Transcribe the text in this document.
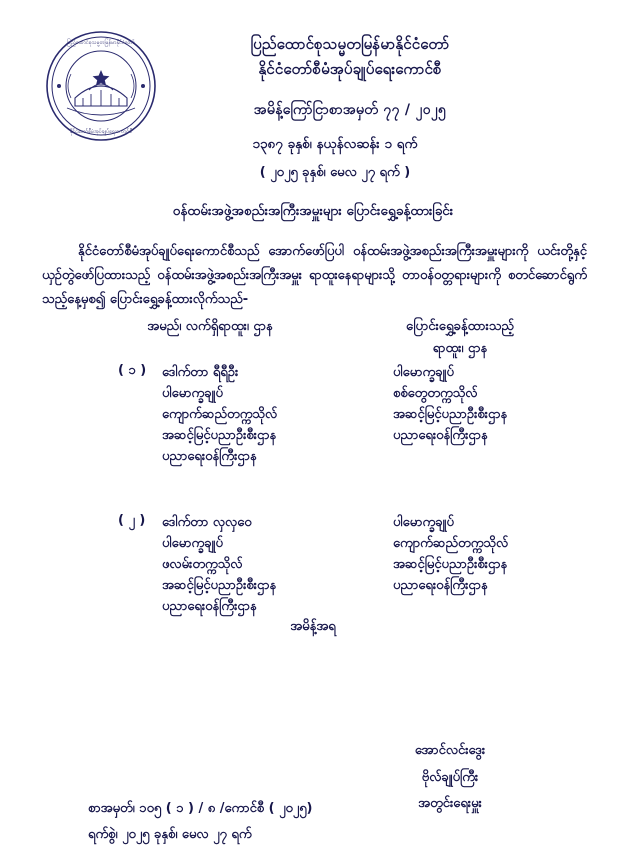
ပြည်ထောင်စုသမ္မတမြန်မာနိုင်ငံတော်
နိုင်ငံတော်စီမံအုပ်ချုပ်ရေးကောင်စီ
ပြည်ထောင်စုသမ္မတမြန်မာနိုင်ငံတော်
နိုင်ငံတော်စီမံအုပ်ချုပ်ရေးကောင်စီ
အမိန့်ကြော်ငြာစာအမှတ် ၇၇ / ၂၀၂၅
၁၃၈၇ ခုနှစ်၊ နယုန်လဆန်း ၁ ရက်
( ၂၀၂၅ ခုနှစ်၊ မေလ ၂၇ ရက် )
ဝန်ထမ်းအဖွဲ့အစည်းအကြီးအမှူးများ ပြောင်းရွှေ့ခန့်ထားခြင်း
နိုင်ငံတော်စီမံအုပ်ချုပ်ရေးကောင်စီသည် အောက်ဖော်ပြပါ ဝန်ထမ်းအဖွဲ့အစည်းအကြီးအမှူးများကို ယင်းတို့နှင့်ယှဉ်တွဲဖော်ပြထားသည့် ဝန်ထမ်းအဖွဲ့အစည်းအကြီးအမှူး ရာထူးနေရာများသို့ တာဝန်ဝတ္တရားများကို စတင်ဆောင်ရွက်သည့်နေ့မှစ၍ ပြောင်းရွှေ့ခန့်ထားလိုက်သည်-
အမည်၊ လက်ရှိရာထူး၊ ဌာန	ပြောင်းရွှေ့ခန့်ထားသည့်
ရာထူး၊ ဌာန
( ၁ ) ဒေါက်တာ ရီရီဦး
ပါမောက္ခချုပ်
ကျောက်ဆည်တက္ကသိုလ်
အဆင့်မြင့်ပညာဦးစီးဌာန
ပညာရေးဝန်ကြီးဌာန
ပါမောက္ခချုပ်
စစ်တွေတက္ကသိုလ်
အဆင့်မြင့်ပညာဦးစီးဌာန
ပညာရေးဝန်ကြီးဌာန
( ၂ ) ဒေါက်တာ လှလှဝေ
ပါမောက္ခချုပ်
ဖလမ်းတက္ကသိုလ်
အဆင့်မြင့်ပညာဦးစီးဌာန
ပညာရေးဝန်ကြီးဌာန
ပါမောက္ခချုပ်
ကျောက်ဆည်တက္ကသိုလ်
အဆင့်မြင့်ပညာဦးစီးဌာန
ပညာရေးဝန်ကြီးဌာန
အမိန့်အရ
အောင်လင်းဒွေး
ဗိုလ်ချုပ်ကြီး
အတွင်းရေးမှူး
စာအမှတ်၊ ၁၀၅ ( ၁ ) / ၈ /ကောင်စီ ( ၂၀၂၅)
ရက်စွဲ၊ ၂၀၂၅ ခုနှစ်၊ မေလ ၂၇ ရက်
